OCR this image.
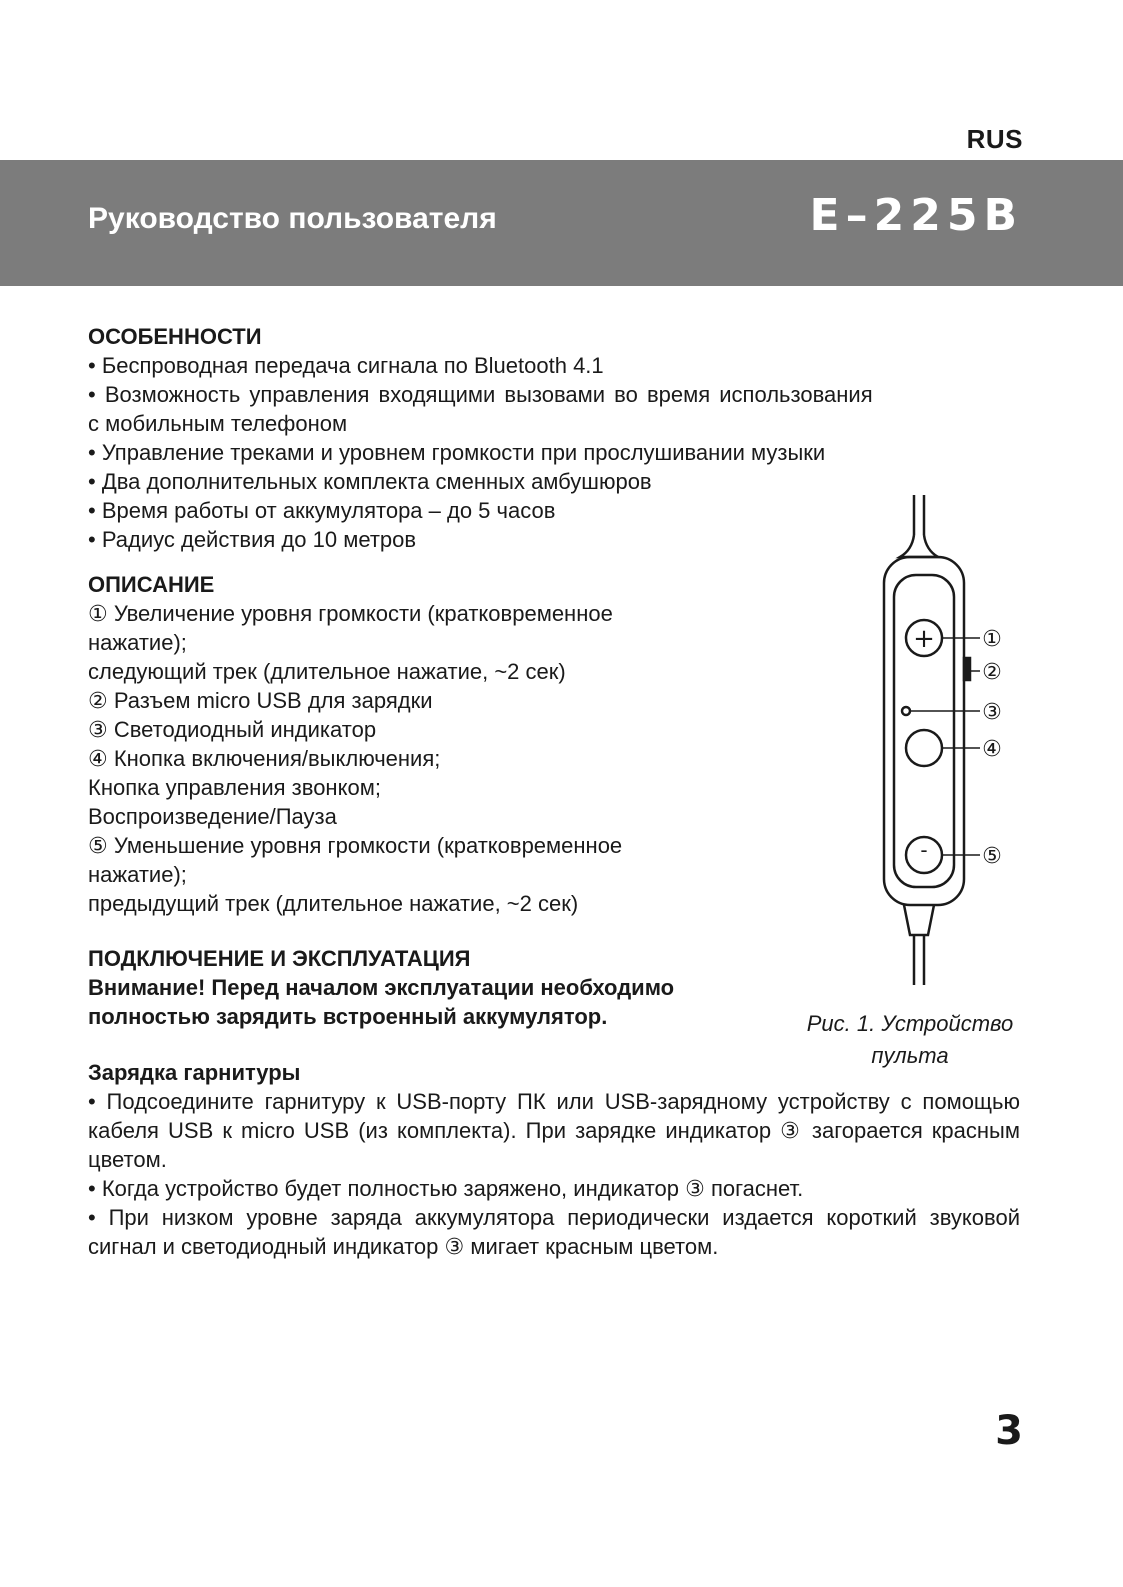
RUS
Руководство пользователя	E–225B
ОСОБЕННОСТИ
• Беспроводная передача сигнала по Bluetooth 4.1
• Возможность управления входящими вызовами во время использования
с мобильным телефоном
• Управление треками и уровнем громкости при прослушивании музыки
• Два дополнительных комплекта сменных амбушюров
• Время работы от аккумулятора – до 5 часов
• Радиус действия до 10 метров
ОПИСАНИЕ
① Увеличение уровня громкости (кратковременное
нажатие);
следующий трек (длительное нажатие, ~2 сек)
② Разъем micro USB для зарядки
③ Светодиодный индикатор
④ Кнопка включения/выключения;
Кнопка управления звонком;
Воспроизведение/Пауза
⑤ Уменьшение уровня громкости (кратковременное
нажатие);
предыдущий трек (длительное нажатие, ~2 сек)
ПОДКЛЮЧЕНИЕ И ЭКСПЛУАТАЦИЯ
Внимание! Перед началом эксплуатации необходимо
полностью зарядить встроенный аккумулятор.
Зарядка гарнитуры

• Подсоедините гарнитуру к USB-порту ПК или USB-зарядному устройству с помощью кабеля USB к micro USB (из комплекта). При зарядке индикатор ③ загорается красным цветом.

• Когда устройство будет полностью заряжено, индикатор ③ погаснет.

• При низком уровне заряда аккумулятора периодически издается короткий звуковой сигнал и светодиодный индикатор ③ мигает красным цветом.

+
-
①
②
③
④
⑤
Рис. 1. Устройство
пульта
3
